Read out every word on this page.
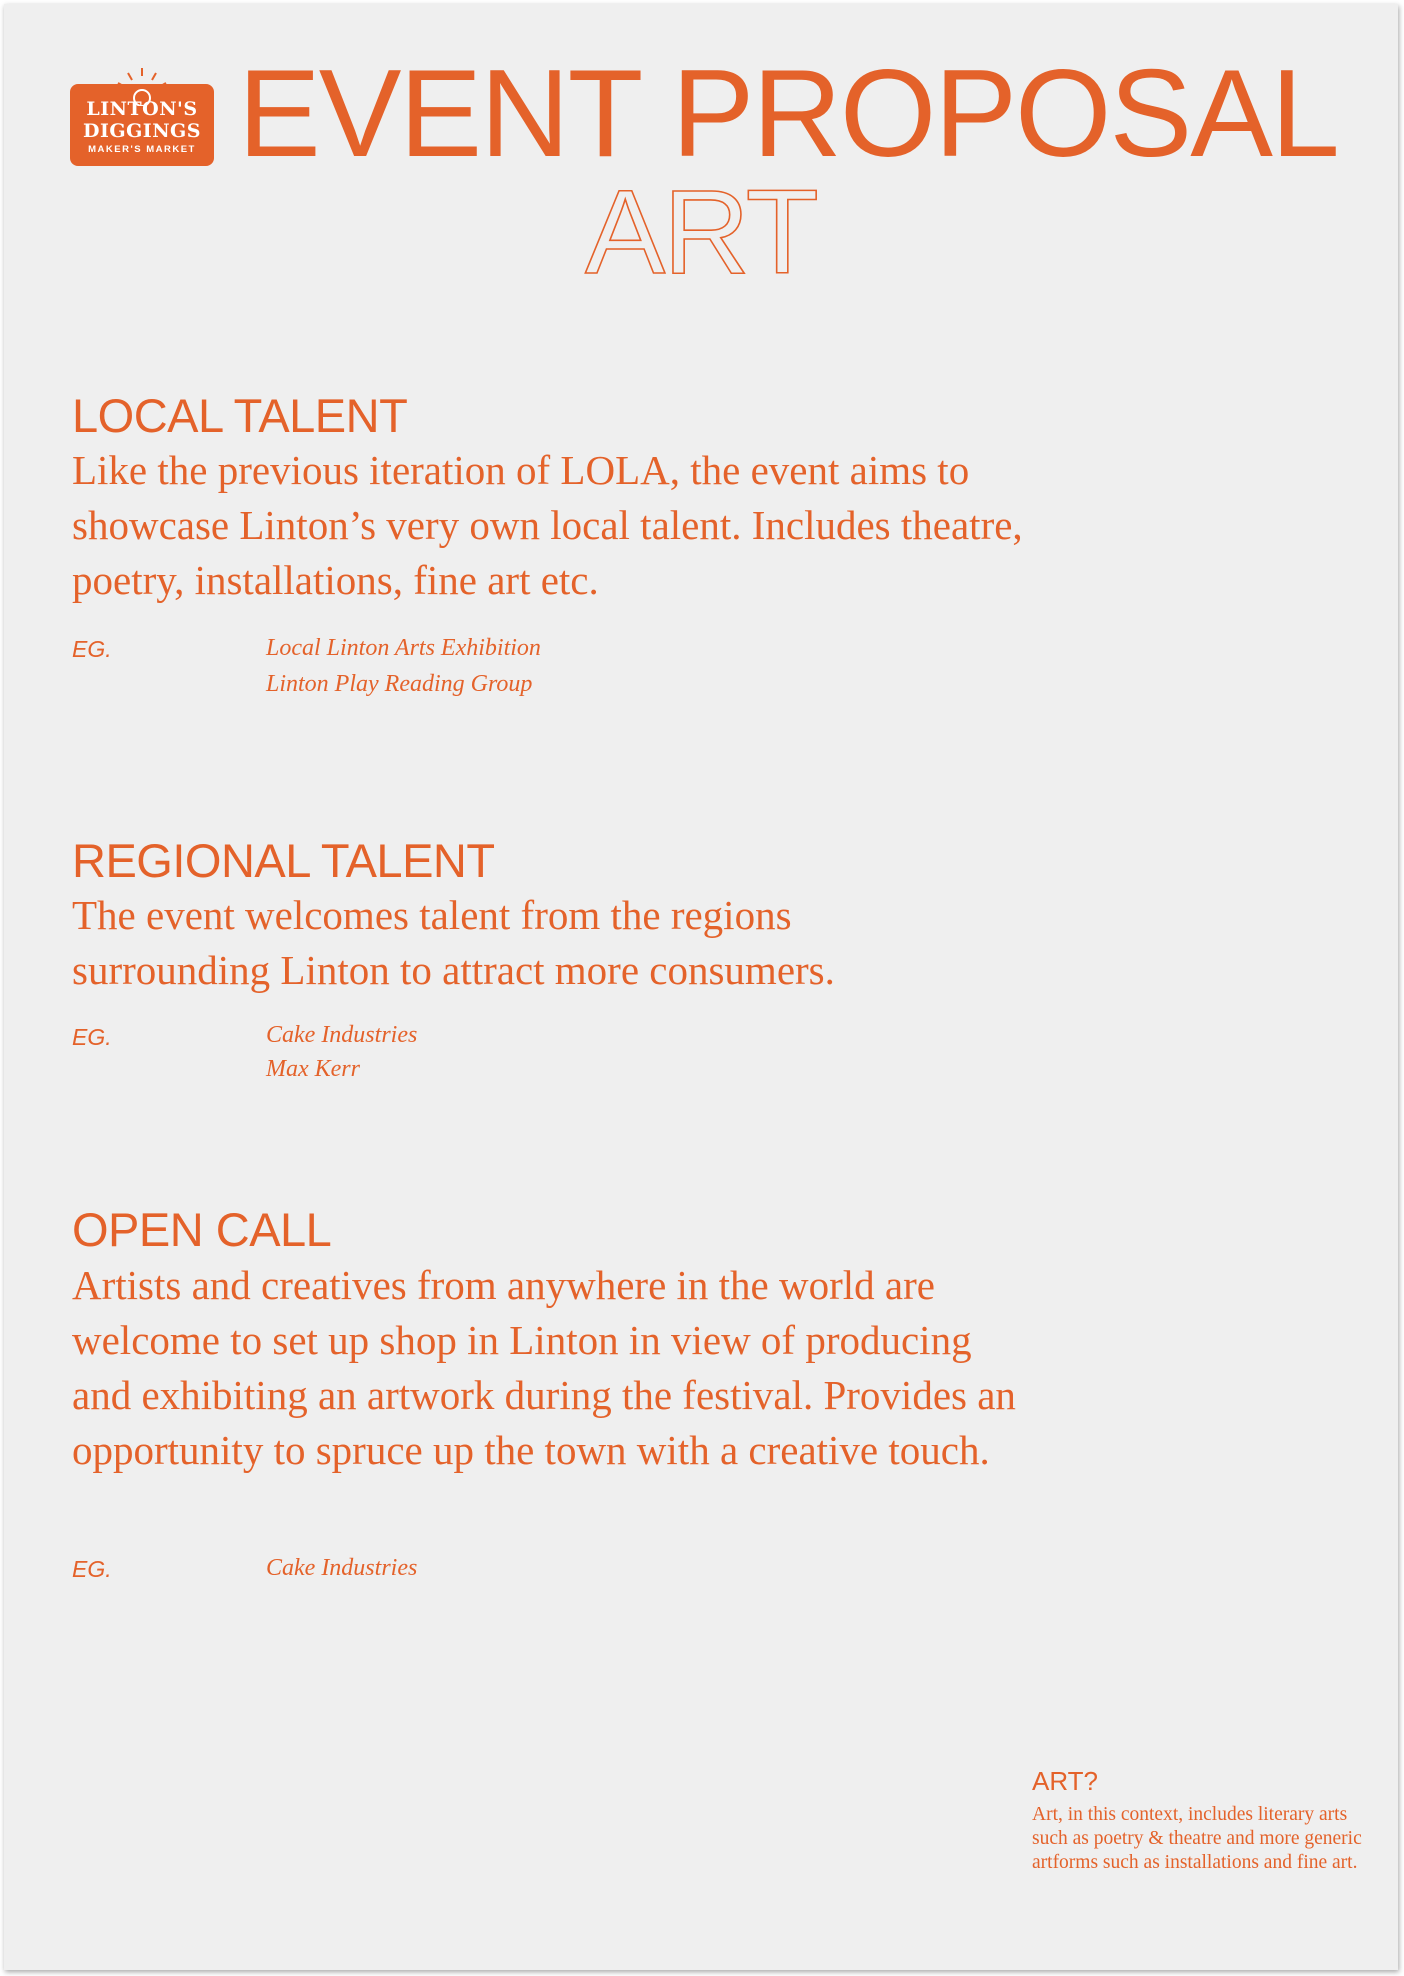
LINTON'S
DIGGINGS
MAKER'S MARKET EVENT PROPOSAL
ART
LOCAL TALENT
Like the previous iteration of LOLA, the event aims to showcase Linton’s very own local talent. Includes theatre, poetry, installations, fine art etc.
EG.	Local Linton Arts Exhibition
Linton Play Reading Group
REGIONAL TALENT
The event welcomes talent from the regions surrounding Linton to attract more consumers.
EG.	Cake Industries
Max Kerr
OPEN CALL
Artists and creatives from anywhere in the world are welcome to set up shop in Linton in view of producing and exhibiting an artwork during the festival. Provides an opportunity to spruce up the town with a creative touch.
EG.	Cake Industries
ART?
Art, in this context, includes literary arts such as poetry & theatre and more generic artforms such as installations and fine art.
